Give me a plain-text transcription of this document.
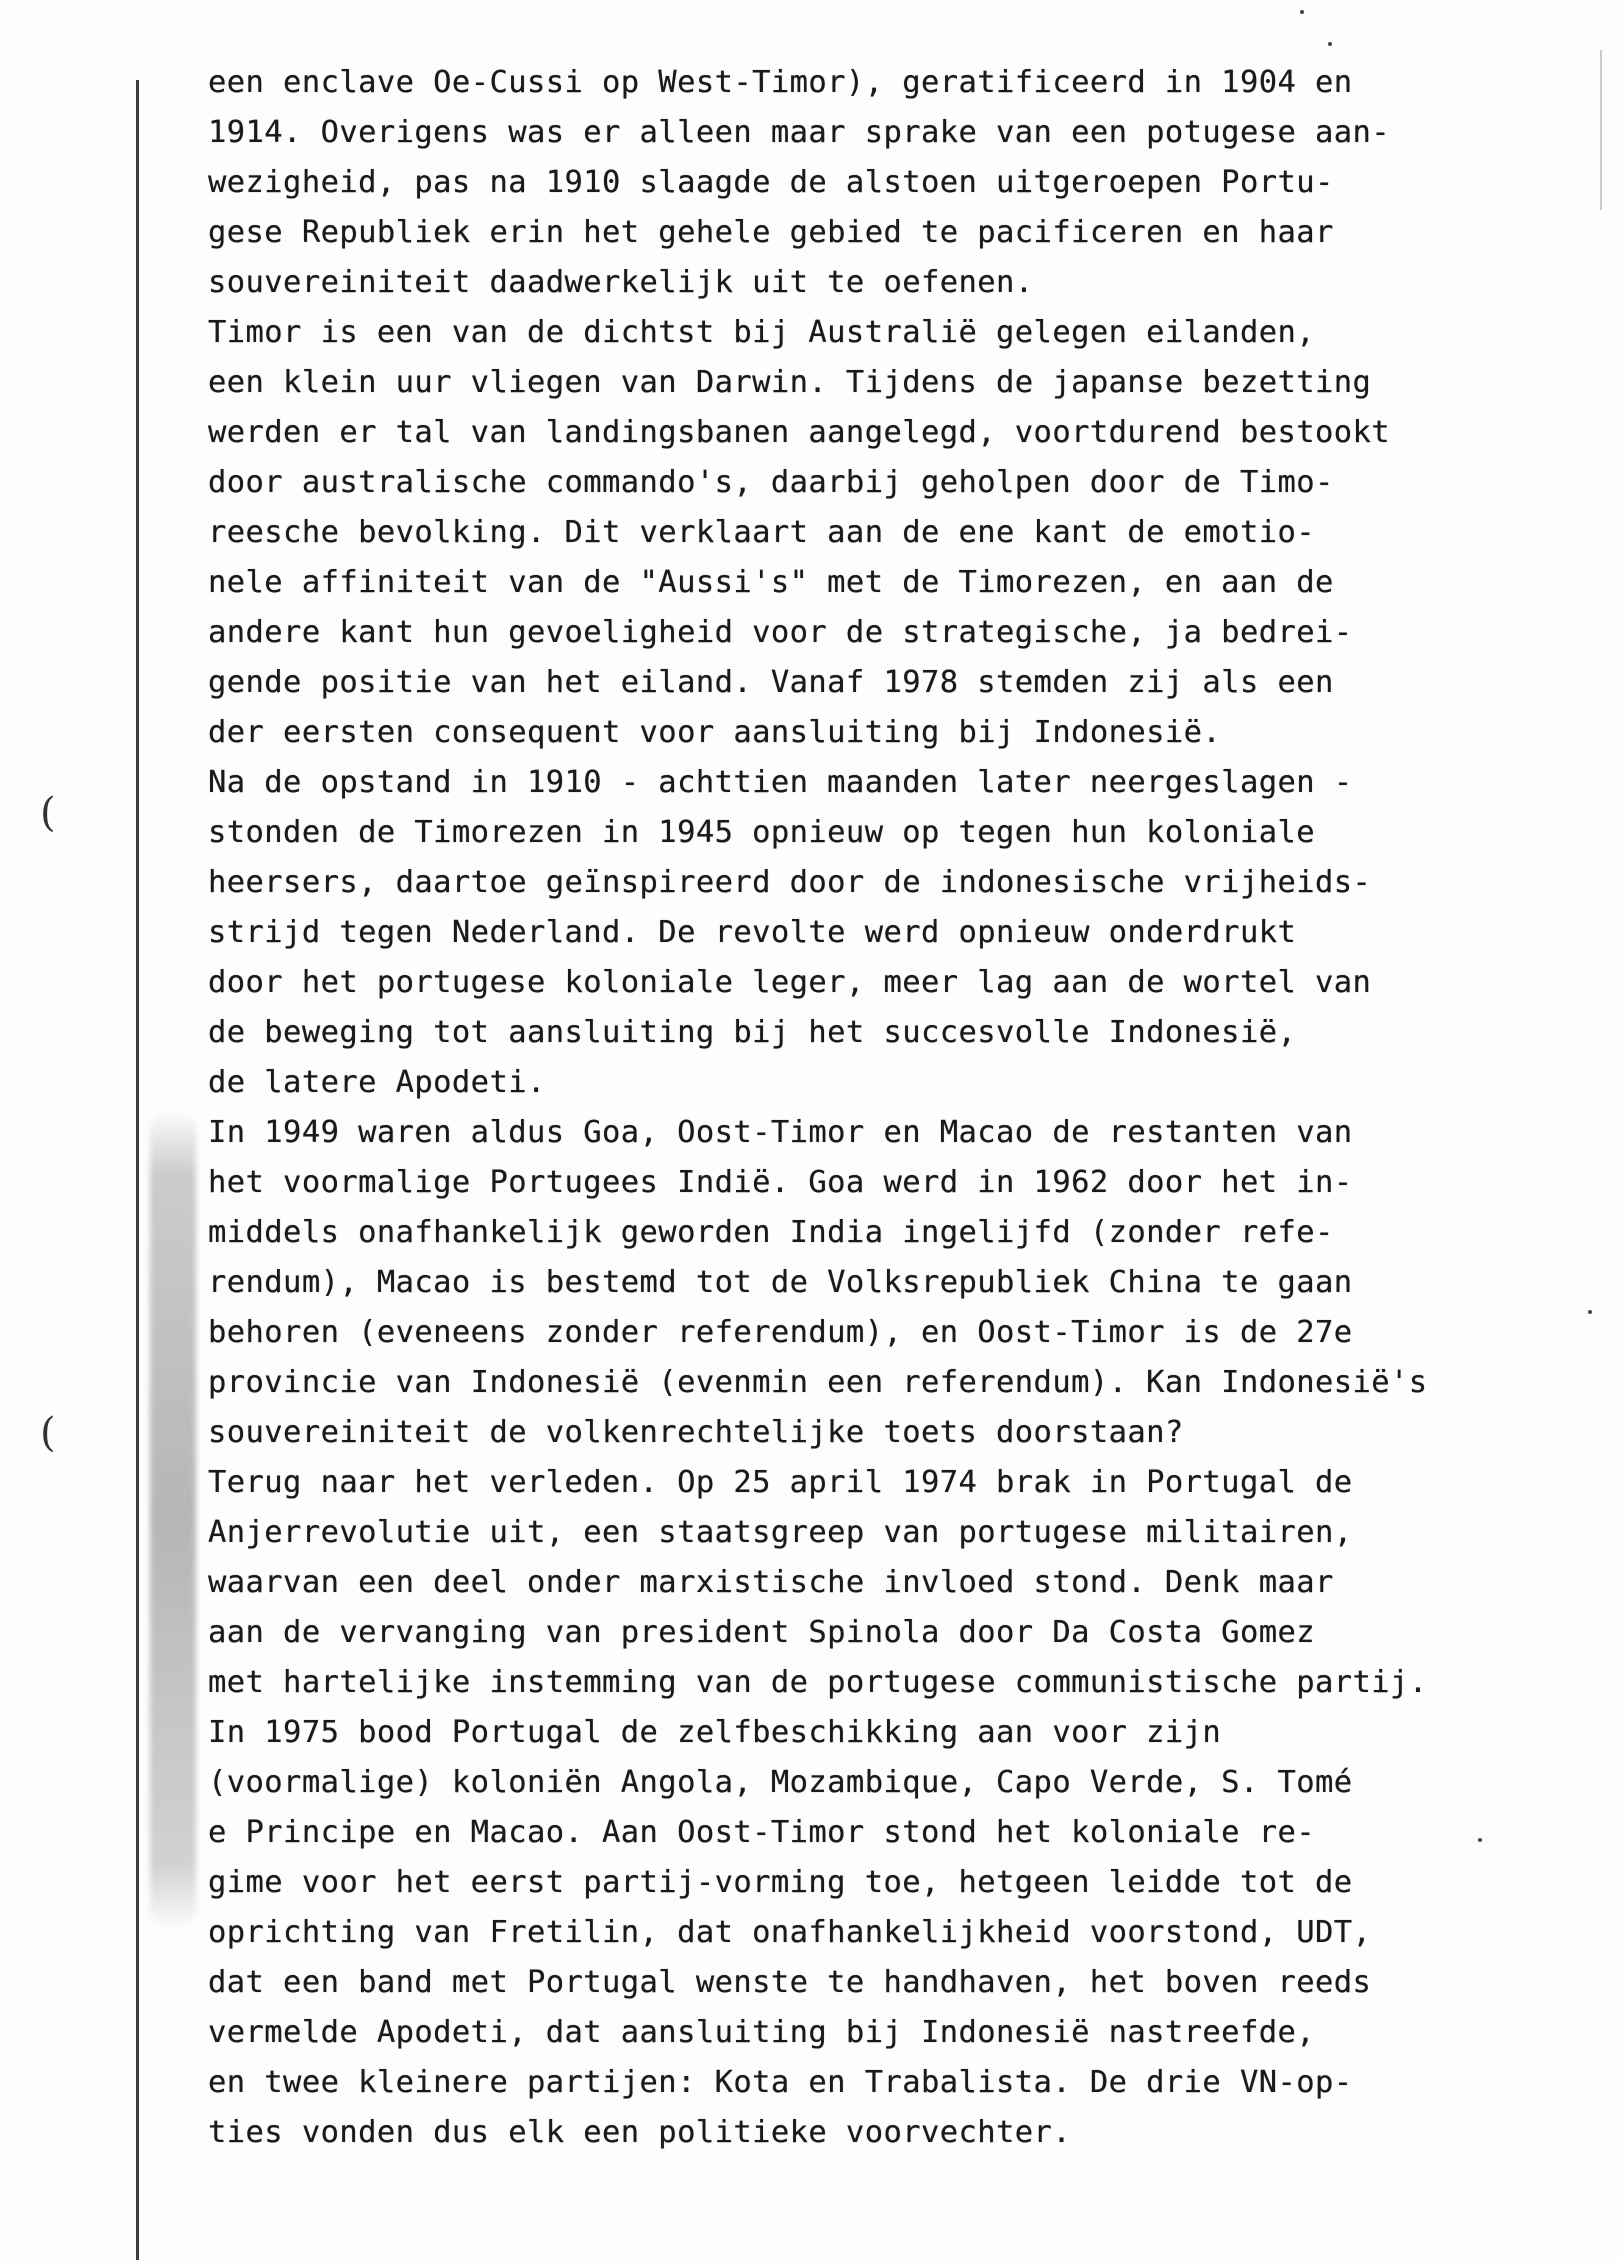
(
(
een enclave Oe-Cussi op West-Timor), geratificeerd in 1904 en
1914. Overigens was er alleen maar sprake van een potugese aan-
wezigheid, pas na 1910 slaagde de alstoen uitgeroepen Portu-
gese Republiek erin het gehele gebied te pacificeren en haar
souvereiniteit daadwerkelijk uit te oefenen.
Timor is een van de dichtst bij Australië gelegen eilanden,
een klein uur vliegen van Darwin. Tijdens de japanse bezetting
werden er tal van landingsbanen aangelegd, voortdurend bestookt
door australische commando's, daarbij geholpen door de Timo-
reesche bevolking. Dit verklaart aan de ene kant de emotio-
nele affiniteit van de "Aussi's" met de Timorezen, en aan de
andere kant hun gevoeligheid voor de strategische, ja bedrei-
gende positie van het eiland. Vanaf 1978 stemden zij als een
der eersten consequent voor aansluiting bij Indonesië.
Na de opstand in 1910 - achttien maanden later neergeslagen -
stonden de Timorezen in 1945 opnieuw op tegen hun koloniale
heersers, daartoe geïnspireerd door de indonesische vrijheids-
strijd tegen Nederland. De revolte werd opnieuw onderdrukt
door het portugese koloniale leger, meer lag aan de wortel van
de beweging tot aansluiting bij het succesvolle Indonesië,
de latere Apodeti.
In 1949 waren aldus Goa, Oost-Timor en Macao de restanten van
het voormalige Portugees Indië. Goa werd in 1962 door het in-
middels onafhankelijk geworden India ingelijfd (zonder refe-
rendum), Macao is bestemd tot de Volksrepubliek China te gaan
behoren (eveneens zonder referendum), en Oost-Timor is de 27e
provincie van Indonesië (evenmin een referendum). Kan Indonesië's
souvereiniteit de volkenrechtelijke toets doorstaan?
Terug naar het verleden. Op 25 april 1974 brak in Portugal de
Anjerrevolutie uit, een staatsgreep van portugese militairen,
waarvan een deel onder marxistische invloed stond. Denk maar
aan de vervanging van president Spinola door Da Costa Gomez
met hartelijke instemming van de portugese communistische partij.
In 1975 bood Portugal de zelfbeschikking aan voor zijn
(voormalige) koloniën Angola, Mozambique, Capo Verde, S. Tomé
e Principe en Macao. Aan Oost-Timor stond het koloniale re-
gime voor het eerst partij-vorming toe, hetgeen leidde tot de
oprichting van Fretilin, dat onafhankelijkheid voorstond, UDT,
dat een band met Portugal wenste te handhaven, het boven reeds
vermelde Apodeti, dat aansluiting bij Indonesië nastreefde,
en twee kleinere partijen: Kota en Trabalista. De drie VN-op-
ties vonden dus elk een politieke voorvechter.
